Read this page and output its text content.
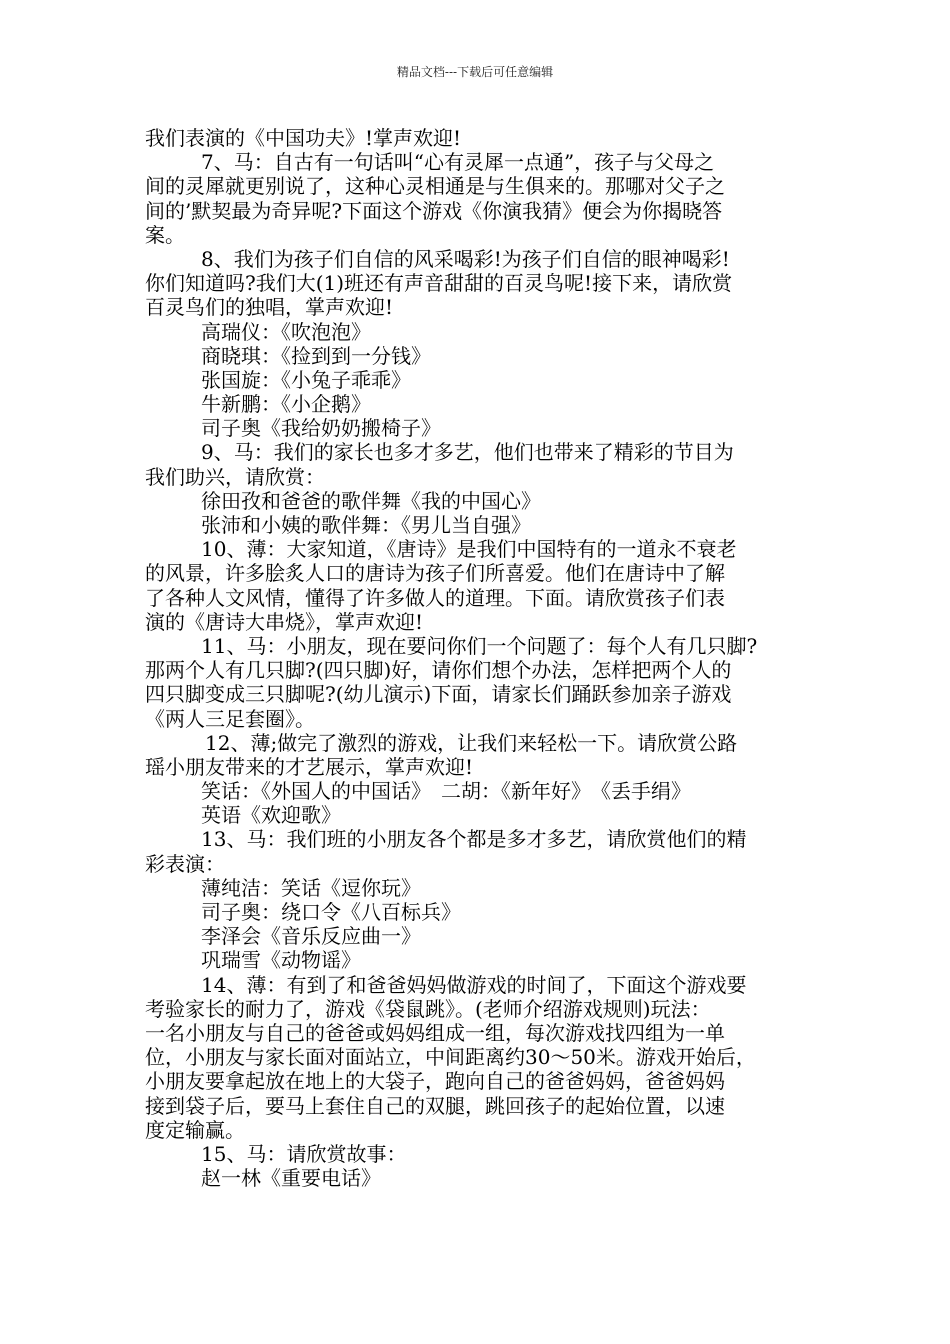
精品文档---下载后可任意编辑
我们表演的《中国功夫》!掌声欢迎!
7、马：自古有一句话叫“心有灵犀一点通”，孩子与父母之
间的灵犀就更别说了，这种心灵相通是与生俱来的。那哪对父子之
间的’默契最为奇异呢?下面这个游戏《你演我猜》便会为你揭晓答
案。
8、我们为孩子们自信的风采喝彩!为孩子们自信的眼神喝彩!
你们知道吗?我们大(1)班还有声音甜甜的百灵鸟呢!接下来，请欣赏
百灵鸟们的独唱，掌声欢迎!
高瑞仪：《吹泡泡》
商晓琪：《捡到到一分钱》
张国旋：《小兔子乖乖》
牛新鹏：《小企鹅》
司子奥《我给奶奶搬椅子》
9、马：我们的家长也多才多艺，他们也带来了精彩的节目为
我们助兴，请欣赏：
徐田孜和爸爸的歌伴舞《我的中国心》
张沛和小姨的歌伴舞：《男儿当自强》
10、薄：大家知道，《唐诗》是我们中国特有的一道永不衰老
的风景，许多脍炙人口的唐诗为孩子们所喜爱。他们在唐诗中了解
了各种人文风情，懂得了许多做人的道理。下面。请欣赏孩子们表
演的《唐诗大串烧》，掌声欢迎!
11、马：小朋友，现在要问你们一个问题了：每个人有几只脚?
那两个人有几只脚?(四只脚)好，请你们想个办法，怎样把两个人的
四只脚变成三只脚呢?(幼儿演示)下面，请家长们踊跃参加亲子游戏
《两人三足套圈》。
12、薄;做完了激烈的游戏，让我们来轻松一下。请欣赏公路
瑶小朋友带来的才艺展示，掌声欢迎!
笑话：《外国人的中国话》　二胡：《新年好》　《丢手绢》
英语《欢迎歌》
13、马：我们班的小朋友各个都是多才多艺，请欣赏他们的精
彩表演：
薄纯洁：笑话《逗你玩》
司子奥：绕口令《八百标兵》
李泽会《音乐反应曲一》
巩瑞雪《动物谣》
14、薄：有到了和爸爸妈妈做游戏的时间了，下面这个游戏要
考验家长的耐力了，游戏《袋鼠跳》。(老师介绍游戏规则)玩法：
一名小朋友与自己的爸爸或妈妈组成一组，每次游戏找四组为一单
位，小朋友与家长面对面站立，中间距离约30～50米。游戏开始后，
小朋友要拿起放在地上的大袋子，跑向自己的爸爸妈妈，爸爸妈妈
接到袋子后，要马上套住自己的双腿，跳回孩子的起始位置，以速
度定输赢。
15、马：请欣赏故事：
赵一林《重要电话》
